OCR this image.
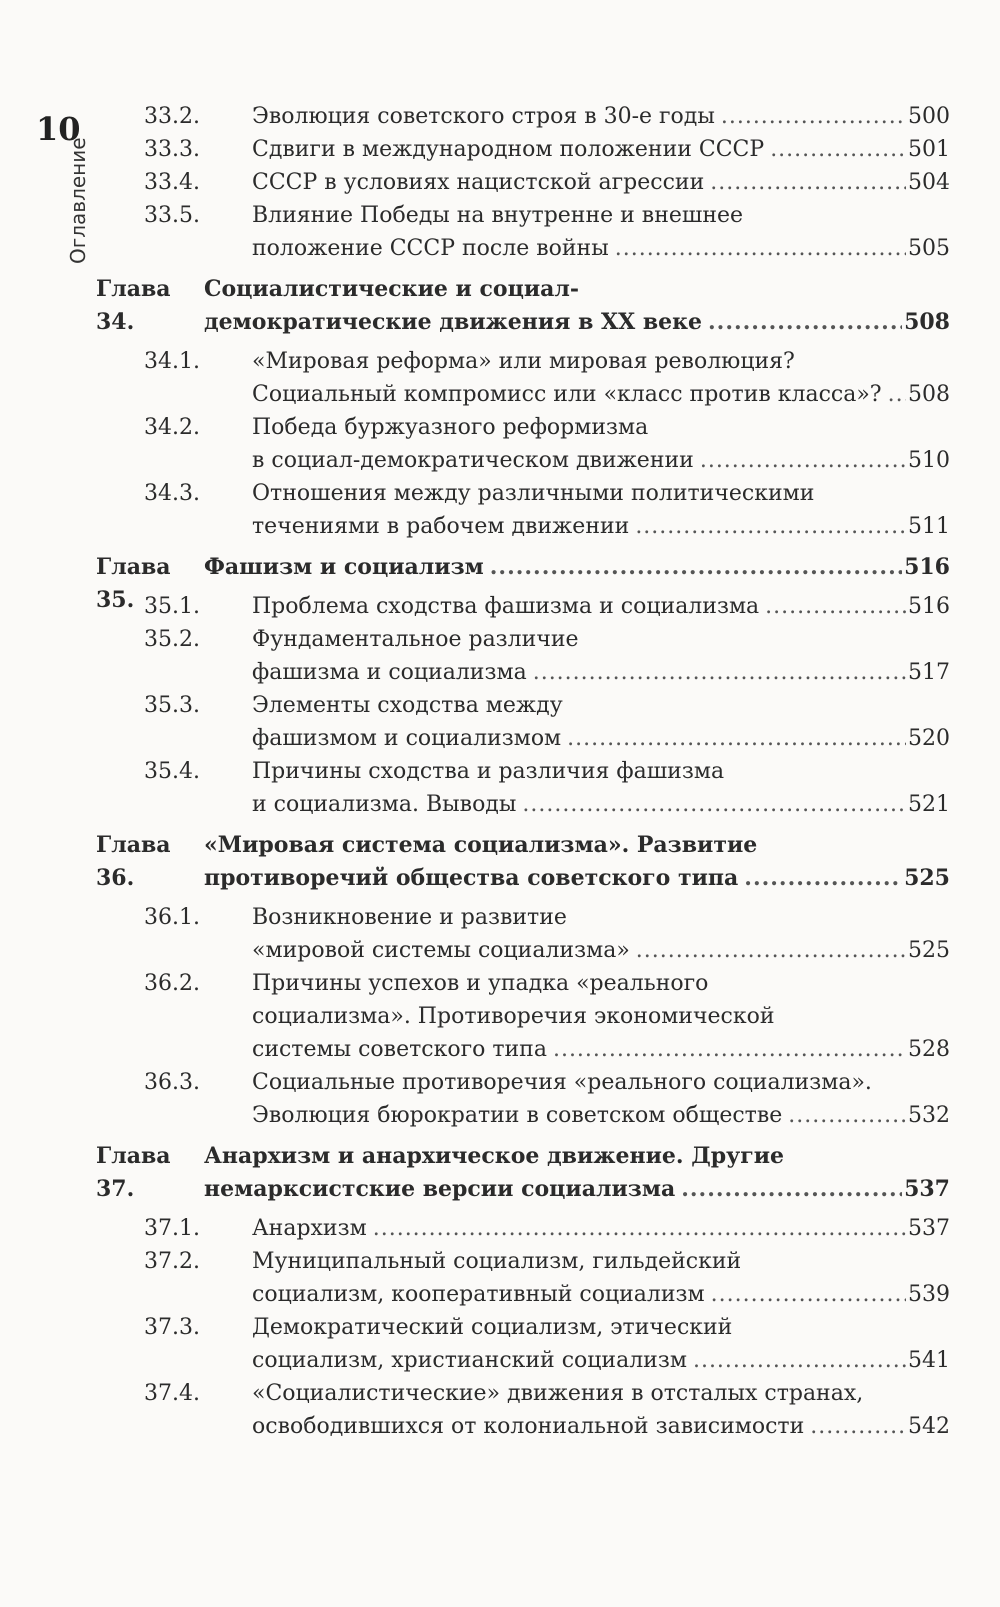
10
Оглавление
33.2.	Эволюция советского строя в 30-е годы .....	500
33.3.	Сдвиги в международном положении СССР .....	501
33.4.	СССР в условиях нацистской агрессии .....	504
33.5.	Влияние Победы на внутренне и внешнее
положение СССР после войны .....	505
Глава 34.
Социалистические и социал-
демократические движения в XX веке .....	508
34.1.	«Мировая реформа» или мировая революция?
Социальный компромисс или «класс против класса»? ..... 508
34.2.	Победа буржуазного реформизма
в социал-демократическом движении .....	510
34.3.	Отношения между различными политическими
течениями в рабочем движении .....	511
Глава 35.
Фашизм и социализм .....	516
35.1.	Проблема сходства фашизма и социализма .....	516
35.2.	Фундаментальное различие
фашизма и социализма .....	517
35.3.	Элементы сходства между
фашизмом и социализмом .....	520
35.4.	Причины сходства и различия фашизма
и социализма. Выводы .....	521
Глава 36.
«Мировая система социализма». Развитие
противоречий общества советского типа .....	525
36.1.	Возникновение и развитие
«мировой системы социализма» .....	525
36.2.	Причины успехов и упадка «реального
социализма». Противоречия экономической
системы советского типа .....	528
36.3.	Социальные противоречия «реального социализма».
Эволюция бюрократии в советском обществе .....	532
Глава 37.
Анархизм и анархическое движение. Другие
немарксистские версии социализма .....	537
37.1.	Анархизм .....	537
37.2.	Муниципальный социализм, гильдейский
социализм, кооперативный социализм .....	539
37.3.	Демократический социализм, этический
социализм, христианский социализм .....	541
37.4.	«Социалистические» движения в отсталых странах,
освободившихся от колониальной зависимости .....	542
